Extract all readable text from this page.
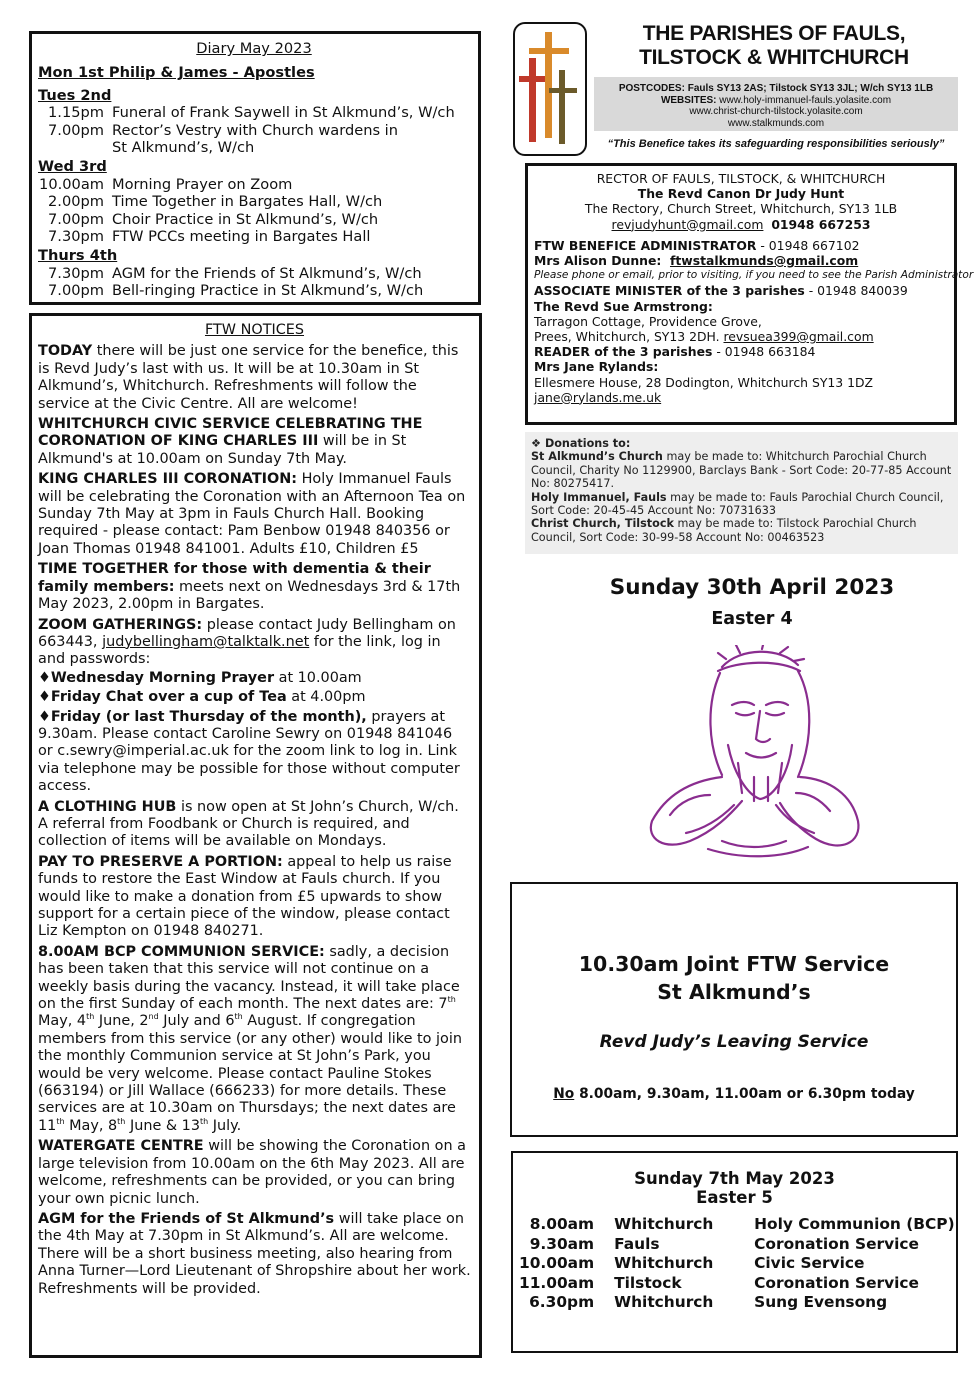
Diary May 2023
Mon 1st Philip & James - Apostles
Tues 2nd
1.15pm Funeral of Frank Saywell in St Alkmund’s, W/ch
7.00pm Rector’s Vestry with Church wardens in St Alkmund’s, W/ch
Wed 3rd
10.00am Morning Prayer on Zoom
2.00pm Time Together in Bargates Hall, W/ch
7.00pm Choir Practice in St Alkmund’s, W/ch
7.30pm FTW PCCs meeting in Bargates Hall
Thurs 4th
7.30pm AGM for the Friends of St Alkmund’s, W/ch
7.00pm Bell-ringing Practice in St Alkmund’s, W/ch
FTW NOTICES

TODAY there will be just one service for the benefice, this is Revd Judy’s last with us. It will be at 10.30am in St Alkmund’s, Whitchurch. Refreshments will follow the service at the Civic Centre. All are welcome!

WHITCHURCH CIVIC SERVICE CELEBRATING THE CORONATION OF KING CHARLES III will be in St Alkmund's at 10.00am on Sunday 7th May.

KING CHARLES III CORONATION: Holy Immanuel Fauls will be celebrating the Coronation with an Afternoon Tea on Sunday 7th May at 3pm in Fauls Church Hall. Booking required - please contact: Pam Benbow 01948 840356 or Joan Thomas 01948 841001. Adults £10, Children £5

TIME TOGETHER for those with dementia & their family members: meets next on Wednesdays 3rd & 17th May 2023, 2.00pm in Bargates.

ZOOM GATHERINGS: please contact Judy Bellingham on 663443, judybellingham@talktalk.net for the link, log in and passwords:

♦Wednesday Morning Prayer at 10.00am
♦Friday Chat over a cup of Tea at 4.00pm

♦Friday (or last Thursday of the month), prayers at 9.30am. Please contact Caroline Sewry on 01948 841046 or c.sewry@imperial.ac.uk for the zoom link to log in. Link via telephone may be possible for those without computer access.

A CLOTHING HUB is now open at St John’s Church, W/ch. A referral from Foodbank or Church is required, and collection of items will be available on Mondays.

PAY TO PRESERVE A PORTION: appeal to help us raise funds to restore the East Window at Fauls church. If you would like to make a donation from £5 upwards to show support for a certain piece of the window, please contact Liz Kempton on 01948 840271.

8.00AM BCP COMMUNION SERVICE: sadly, a decision has been taken that this service will not continue on a weekly basis during the vacancy. Instead, it will take place on the first Sunday of each month. The next dates are: 7th May, 4th June, 2nd July and 6th August. If congregation members from this service (or any other) would like to join the monthly Communion service at St John’s Park, you would be very welcome. Please contact Pauline Stokes (663194) or Jill Wallace (666233) for more details. These services are at 10.30am on Thursdays; the next dates are 11th May, 8th June & 13th July.

WATERGATE CENTRE will be showing the Coronation on a large television from 10.00am on the 6th May 2023. All are welcome, refreshments can be provided, or you can bring your own picnic lunch.

AGM for the Friends of St Alkmund’s will take place on the 4th May at 7.30pm in St Alkmund’s. All are welcome. There will be a short business meeting, also hearing from Anna Turner—Lord Lieutenant of Shropshire about her work. Refreshments will be provided.

THE PARISHES OF FAULS,
TILSTOCK & WHITCHURCH
POSTCODES: Fauls SY13 2AS; Tilstock SY13 3JL; W/ch SY13 1LB
WEBSITES: www.holy-immanuel-fauls.yolasite.com
www.christ-church-tilstock.yolasite.com
www.stalkmunds.com
“This Benefice takes its safeguarding responsibilities seriously”
RECTOR OF FAULS, TILSTOCK, & WHITCHURCH
The Revd Canon Dr Judy Hunt
The Rectory, Church Street, Whitchurch, SY13 1LB
revjudyhunt@gmail.com 01948 667253
FTW BENEFICE ADMINISTRATOR - 01948 667102
Mrs Alison Dunne: ftwstalkmunds@gmail.com
Please phone or email, prior to visiting, if you need to see the Parish Administrator
ASSOCIATE MINISTER of the 3 parishes - 01948 840039
The Revd Sue Armstrong:
Tarragon Cottage, Providence Grove,
Prees, Whitchurch, SY13 2DH. revsuea399@gmail.com
READER of the 3 parishes - 01948 663184
Mrs Jane Rylands:
Ellesmere House, 28 Dodington, Whitchurch SY13 1DZ
jane@rylands.me.uk
❖ Donations to:
St Alkmund’s Church may be made to: Whitchurch Parochial Church Council, Charity No 1129900, Barclays Bank - Sort Code: 20-77-85 Account No: 80275417.
Holy Immanuel, Fauls may be made to: Fauls Parochial Church Council, Sort Code: 20-45-45 Account No: 70731633
Christ Church, Tilstock may be made to: Tilstock Parochial Church Council, Sort Code: 30-99-58 Account No: 00463523
Sunday 30th April 2023
Easter 4
10.30am Joint FTW Service
St Alkmund’s
Revd Judy’s Leaving Service
No 8.00am, 9.30am, 11.00am or 6.30pm today
Sunday 7th May 2023
Easter 5
8.00am	Whitchurch	Holy Communion (BCP)
9.30am	Fauls	Coronation Service
10.00am	Whitchurch	Civic Service
11.00am	Tilstock	Coronation Service
6.30pm	Whitchurch	Sung Evensong
